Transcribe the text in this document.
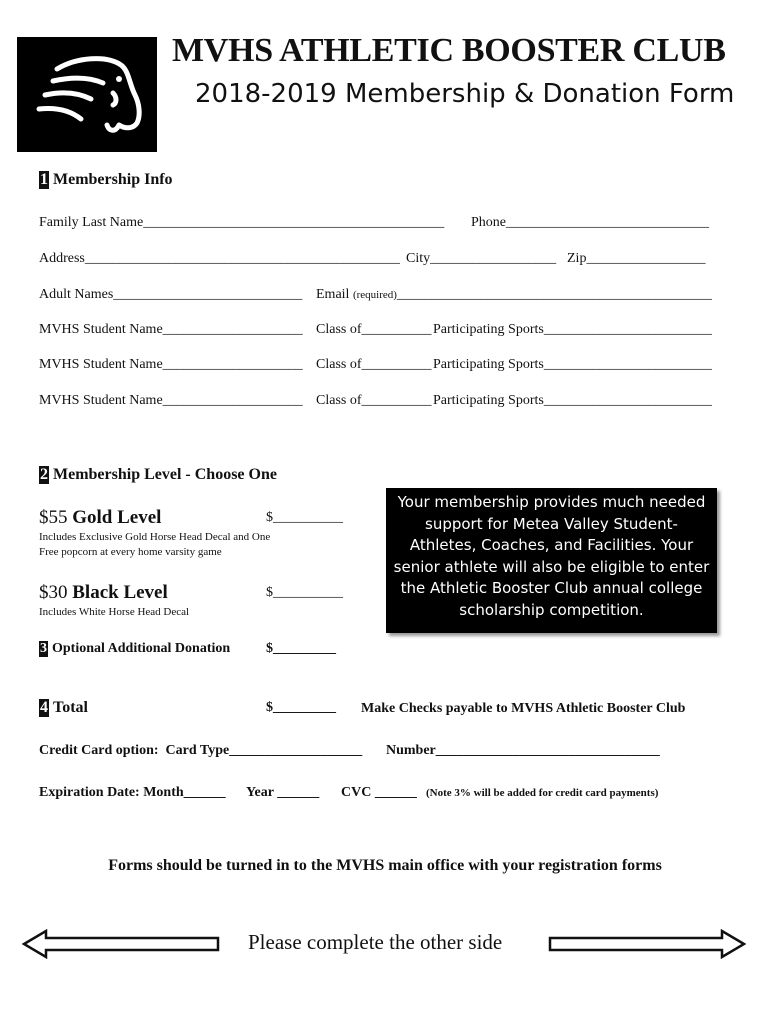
MVHS ATHLETIC BOOSTER CLUB
2018-2019 Membership & Donation Form
1 Membership Info
Family Last Name___________________________________________ Phone_____________________________
Address_____________________________________________ City__________________ Zip_________________
Adult Names___________________________ Email (required)_____________________________________________
MVHS Student Name____________________ Class of__________ Participating Sports________________________
MVHS Student Name____________________ Class of__________ Participating Sports________________________
MVHS Student Name____________________ Class of__________ Participating Sports________________________
2 Membership Level - Choose One
$55 Gold Level	$__________
Includes Exclusive Gold Horse Head Decal and One
Free popcorn at every home varsity game
$30 Black Level	$__________
Includes White Horse Head Decal
Your membership provides much needed support for Metea Valley Student-Athletes, Coaches, and Facilities. Your senior athlete will also be eligible to enter the Athletic Booster Club annual college scholarship competition.
3 Optional Additional Donation	$_________
4 Total	$_________ Make Checks payable to MVHS Athletic Booster Club
Credit Card option: Card Type___________________ Number________________________________
Expiration Date: Month______ Year ______ CVC ______ (Note 3% will be added for credit card payments)
Forms should be turned in to the MVHS main office with your registration forms
Please complete the other side
